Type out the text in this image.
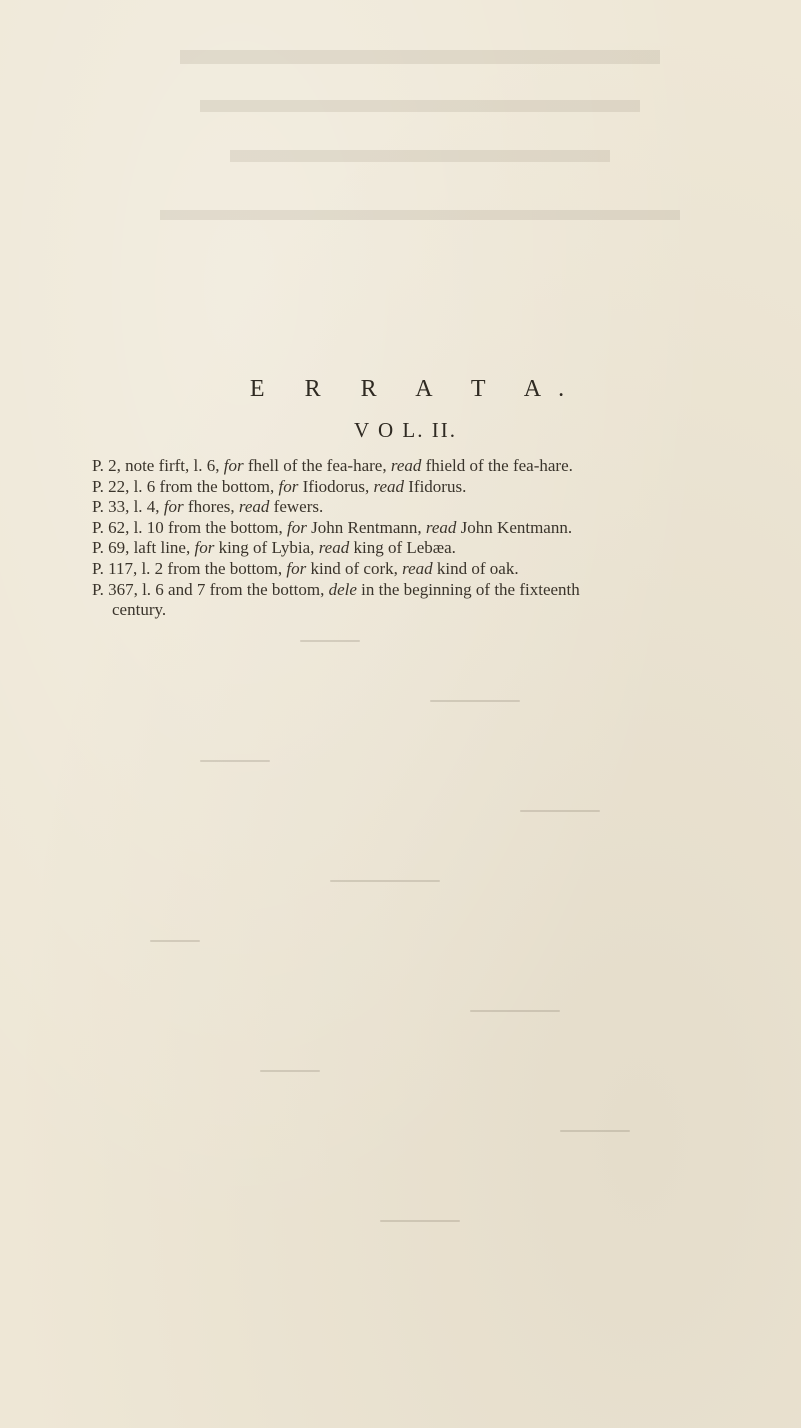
E R R A T A.
V O L. II.
P. 2, note firft, l. 6, for fhell of the fea-hare, read fhield of the fea-hare.
P. 22, l. 6 from the bottom, for Ifiodorus, read Ifidorus.
P. 33, l. 4, for fhores, read fewers.
P. 62, l. 10 from the bottom, for John Rentmann, read John Kentmann.
P. 69, laft line, for king of Lybia, read king of Lebæa.
P. 117, l. 2 from the bottom, for kind of cork, read kind of oak.
P. 367, l. 6 and 7 from the bottom, dele in the beginning of the fixteenth
century.
